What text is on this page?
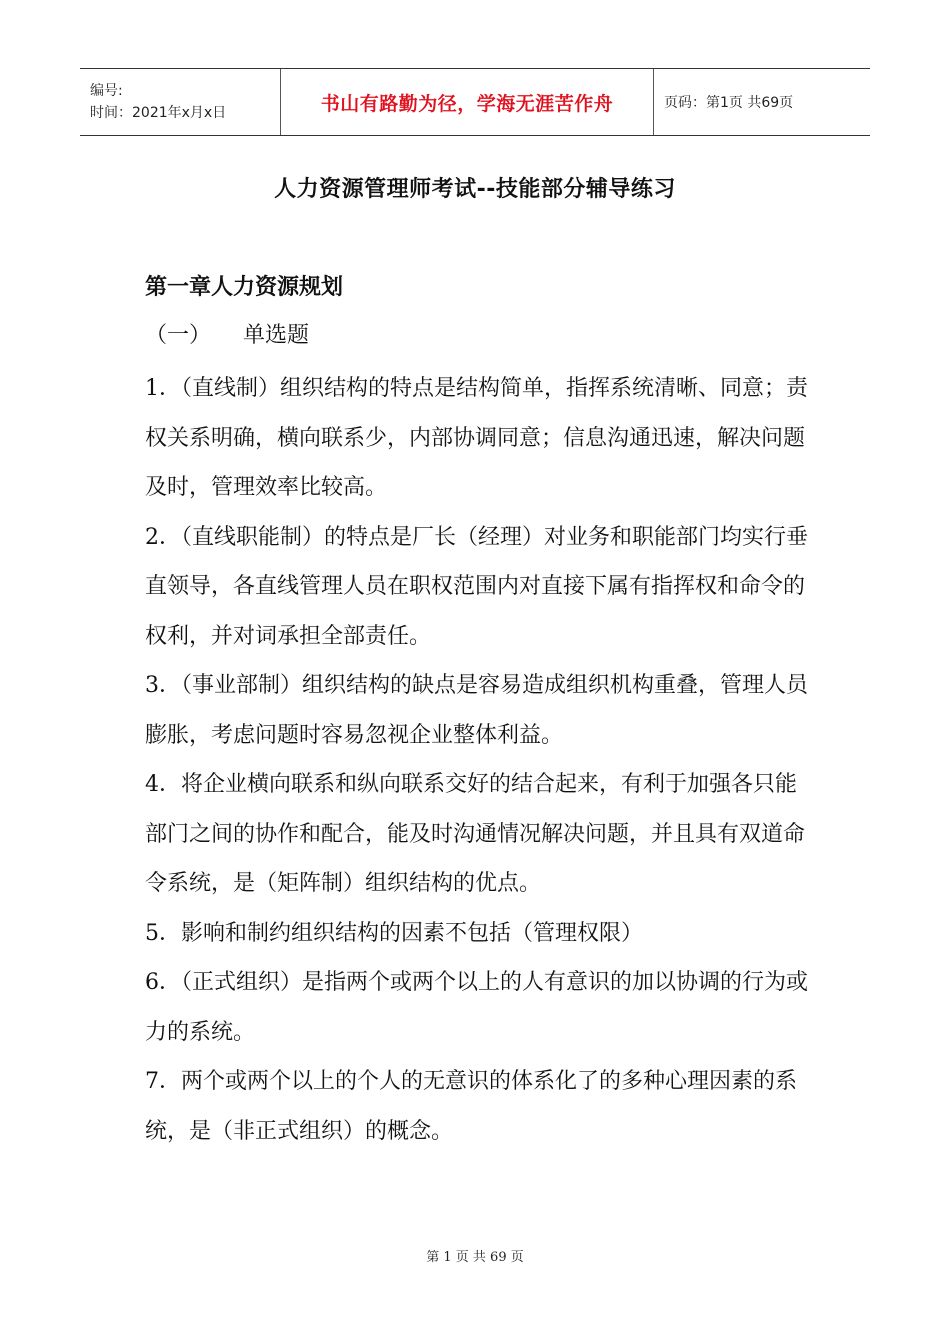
编号:
时间：2021年x月x日	书山有路勤为径，学海无涯苦作舟	页码：第1页 共69页
人力资源管理师考试--技能部分辅导练习
第一章人力资源规划
（一） 单选题

1．（直线制）组织结构的特点是结构简单，指挥系统清晰、同意；责权关系明确，横向联系少，内部协调同意；信息沟通迅速，解决问题及时，管理效率比较高。

2．（直线职能制）的特点是厂长（经理）对业务和职能部门均实行垂直领导，各直线管理人员在职权范围内对直接下属有指挥权和命令的权利，并对词承担全部责任。

3．（事业部制）组织结构的缺点是容易造成组织机构重叠，管理人员膨胀，考虑问题时容易忽视企业整体利益。

4．将企业横向联系和纵向联系交好的结合起来，有利于加强各只能部门之间的协作和配合，能及时沟通情况解决问题，并且具有双道命令系统，是（矩阵制）组织结构的优点。

5．影响和制约组织结构的因素不包括（管理权限）

6．（正式组织）是指两个或两个以上的人有意识的加以协调的行为或力的系统。

7．两个或两个以上的个人的无意识的体系化了的多种心理因素的系统，是（非正式组织）的概念。

第 1 页 共 69 页
